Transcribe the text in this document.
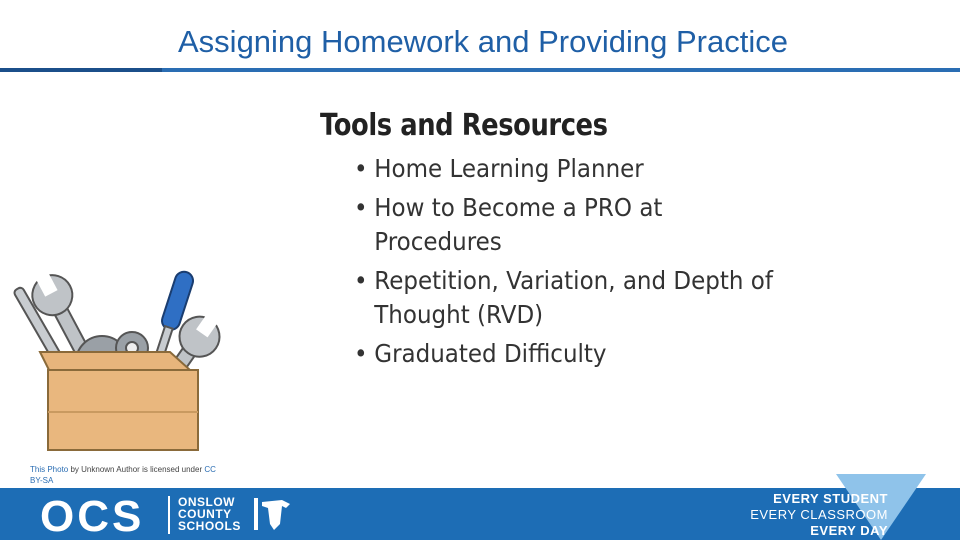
Assigning Homework and Providing Practice
Tools and Resources
• Home Learning Planner
• How to Become a PRO at Procedures
• Repetition, Variation, and Depth of Thought (RVD)
• Graduated Difficulty
This Photo by Unknown Author is licensed under CC BY-SA
OCS	ONSLOW
COUNTY
SCHOOLS
EVERY STUDENT
EVERY CLASSROOM
EVERY DAY
